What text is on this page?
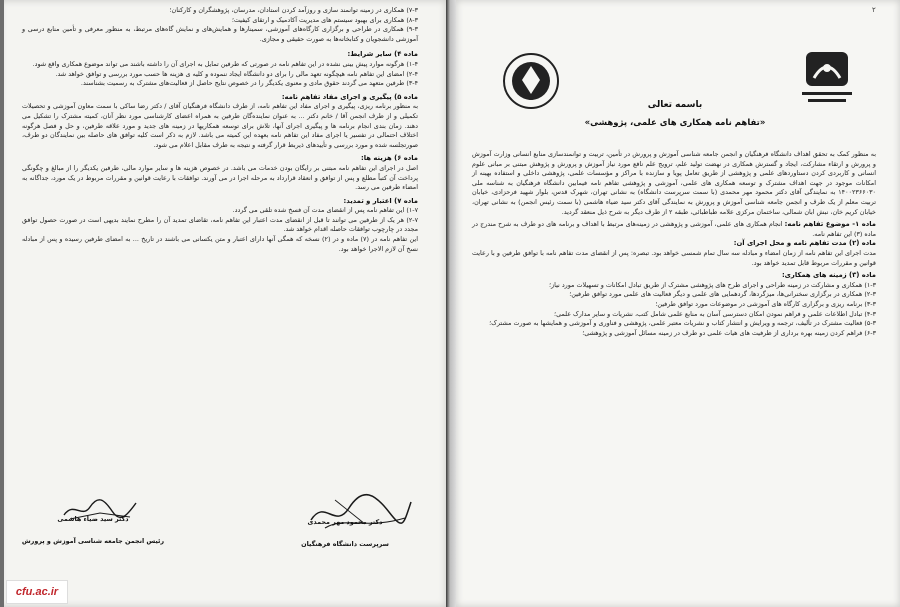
۷-۳) همکاری در زمینه توانمند سازی و روزآمد کردن استادان، مدرسان، پژوهشگران و کارکنان؛

۸-۳) همکاری برای بهبود سیستم های مدیریت آکادمیک و ارتقای کیفیت؛

۹-۳) همکاری در طراحی و برگزاری کارگاه‌های آموزشی، سمینارها و همایش‌های و نمایش گاه‌های مرتبط، به منظور معرفی و تأمین منابع درسی و آموزشی دانشجویان و کتابخانه‌ها به صورت حقیقی و مجازی.

ماده ۴) سایر شرایط:

۱-۴) هرگونه موارد پیش بینی نشده در این تفاهم نامه در صورتی که طرفین تمایل به اجرای آن را داشته باشند می تواند موضوع همکاری واقع شود.

۲-۴) امضای این تفاهم نامه هیچگونه تعهد مالی را برای دو دانشگاه ایجاد ننموده و کلیه ی هزینه ها حسب مورد بررسی و توافق خواهد شد.

۳-۴) طرفین متعهد می گردند حقوق مادی و معنوی یکدیگر را در خصوص نتایج حاصل از فعالیت‌های مشترک به رسمیت بشناسند.

ماده ۵) پیگیری و اجرای مفاد تفاهم نامه:

به منظور برنامه ریزی، پیگیری و اجرای مفاد این تفاهم نامه، از طرف دانشگاه فرهنگیان آقای / دکتر رضا ساکی با سمت معاون آموزشی و تحصیلات تکمیلی و از طرف انجمن آقا / خانم دکتر ... به عنوان نماینده‌گان طرفین به همراه اعضای کارشناسی مورد نظر آنان، کمیته مشترک را تشکیل می دهند. زمان بندی انجام برنامه ها و پیگیری اجرای آنها، تلاش برای توسعه همکاریها در زمینه های جدید و مورد علاقه طرفین، و حل و فصل هرگونه اختلاف احتمالی در تفسیر یا اجرای مفاد این تفاهم نامه بعهده این کمیته می باشد. لازم به ذکر است کلیه توافق های حاصله بین نمایندگان دو طرف، صورتجلسه شده و مورد بررسی و تأییدهای ذیربط قرار گرفته و نتیجه به طرف مقابل اعلام می شود.

ماده ۶) هزینه ها:

اصل در اجرای این تفاهم نامه مبتنی بر رایگان بودن خدمات می باشد. در خصوص هزینه ها و سایر موارد مالی، طرفین یکدیگر را از مبالغ و چگونگی پرداخت آن کتباً مطلع و پس از توافق و انعقاد قرارداد به مرحله اجرا در می آورند. توافقات با رعایت قوانین و مقررات مربوط در یک مورد، جداگانه به امضاء طرفین می رسد.

ماده ۷) اعتبار و تمدید:

۱-۷) این تفاهم نامه پس از انقضای مدت آن فسخ شده تلقی می گردد.

۲-۷) هر یک از طرفین می توانند تا قبل از انقضای مدت اعتبار این تفاهم نامه، تقاضای تمدید آن را مطرح نمایند بدیهی است در صورت حصول توافق مجدد در چارچوب توافقات حاصله اقدام خواهد شد.

این تفاهم نامه در (۷) ماده و در (۲) نسخه که همگی آنها دارای اعتبار و متن یکسانی می باشند در تاریخ ... به امضای طرفین رسیده و پس از مبادله نسخ آن لازم الاجرا خواهد بود.

دکتر سید ضیاء هاشمی
رئیس انجمن جامعه شناسی آموزش و پرورش
دکتر محمود مهر محمدی
سرپرست دانشگاه فرهنگیان
۲
باسمه تعالی
«تفاهم نامه همکاری های علمی، پژوهشی»

به منظور کمک به تحقق اهداف دانشگاه فرهنگیان و انجمن جامعه شناسی آموزش و پرورش در تأمین، تربیت و توانمندسازی منابع انسانی وزارت آموزش و پرورش و ارتقاء مشارکت، ایجاد و گسترش همکاری در نهضت تولید علم، ترویج علم نافع مورد نیاز آموزش و پرورش و پژوهش مبتنی بر مبانی علوم انسانی و کاربردی کردن دستاوردهای علمی و پژوهشی از طریق تعامل پویا و سازنده با مراکز و مؤسسات علمی، پژوهشی داخلی و استفاده بهینه از امکانات موجود در جهت اهداف مشترک و توسعه همکاری های علمی، آموزشی و پژوهشی تفاهم نامه فیمابین دانشگاه فرهنگیان به شناسه ملی ۱۴۰۰۲۳۶۶۰۳۰ به نمایندگی آقای دکتر محمود مهر محمدی (با سمت سرپرست دانشگاه) به نشانی تهران، شهرک قدس، بلوار شهید فرحزادی، خیابان تربیت معلم از یک طرف و انجمن جامعه شناسی آموزش و پرورش به نمایندگی آقای دکتر سید ضیاء هاشمی (با سمت رئیس انجمن) به نشانی تهران، خیابان کریم خان، نبش ابان شمالی، ساختمان مرکزی علامه طباطبائی، طبقه ۲ از طرف دیگر به شرح ذیل منعقد گردید.

ماده ۱- موضوع تفاهم نامه: انجام همکاری های علمی، آموزشی و پژوهشی در زمینه‌های مرتبط با اهداف و برنامه های دو طرف به شرح مندرج در ماده (۳) این تفاهم نامه.

ماده (۲) مدت تفاهم نامه و محل اجرای آن:

مدت اجرای این تفاهم نامه از زمان امضاء و مبادله سه سال تمام شمسی خواهد بود. تبصره: پس از انقضای مدت تفاهم نامه با توافق طرفین و با رعایت قوانین و مقررات مربوط قابل تمدید خواهد بود.

ماده (۳) زمینه های همکاری:

۱-۳) همکاری و مشارکت در زمینه طراحی و اجرای طرح های پژوهشی مشترک از طریق تبادل امکانات و تسهیلات مورد نیاز؛

۲-۳) همکاری در برگزاری سخنرانی‌ها، میزگردها، گردهمایی های علمی و دیگر فعالیت های علمی مورد توافق طرفین؛

۳-۳) برنامه ریزی و برگزاری کارگاه های آموزشی در موضوعات مورد توافق طرفین؛

۴-۳) تبادل اطلاعات علمی و فراهم نمودن امکان دسترسی آسان به منابع علمی شامل کتب، نشریات و سایر مدارک علمی؛

۵-۳) فعالیت مشترک در تألیف، ترجمه و ویرایش و انتشار کتاب و نشریات معتبر علمی، پژوهشی و فناوری و آموزشی و همایشها به صورت مشترک؛

۶-۳) فراهم کردن زمینه بهره برداری از ظرفیت های هیات علمی دو طرف در زمینه مسائل آموزشی و پژوهشی؛

cfu.ac.ir
